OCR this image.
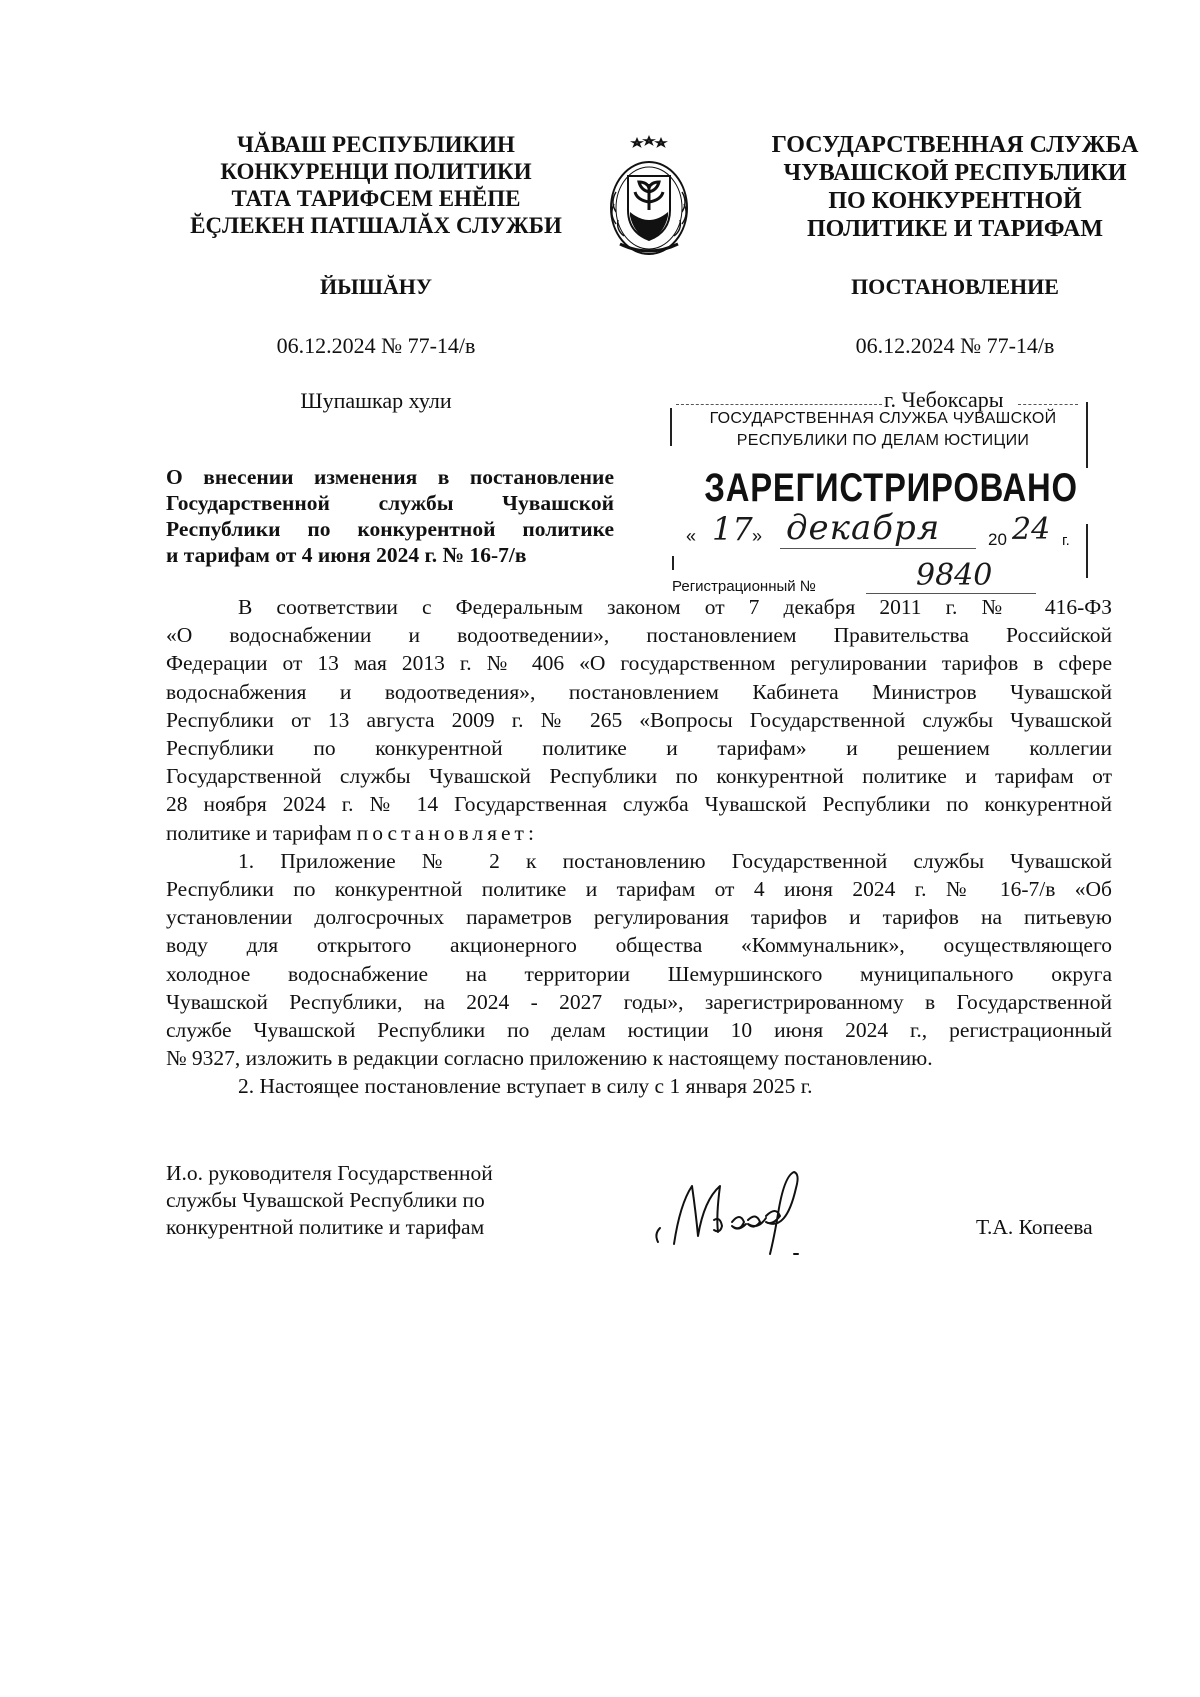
ЧĂВАШ РЕСПУБЛИКИН
КОНКУРЕНЦИ ПОЛИТИКИ
ТАТА ТАРИФСЕМ ЕНĔПЕ
ĔÇЛЕКЕН ПАТШАЛĂХ СЛУЖБИ
ГОСУДАРСТВЕННАЯ СЛУЖБА
ЧУВАШСКОЙ РЕСПУБЛИКИ
ПО КОНКУРЕНТНОЙ
ПОЛИТИКЕ И ТАРИФАМ
ЙЫШĂНУ	ПОСТАНОВЛЕНИЕ
06.12.2024 № 77-14/в	06.12.2024 № 77-14/в
Шупашкар хули	г. Чебоксары
ГОСУДАРСТВЕННАЯ СЛУЖБА ЧУВАШСКОЙ
РЕСПУБЛИКИ ПО ДЕЛАМ ЮСТИЦИИ
ЗАРЕГИСТРИРОВАНО
« 17 » декабря	20 24 г.
Регистрационный №	9840
О внесении изменения в постановление
Государственной службы Чувашской
Республики по конкурентной политике
и тарифам от 4 июня 2024 г. № 16-7/в
В соответствии с Федеральным законом от 7 декабря 2011 г. № 416-ФЗ
«О водоснабжении и водоотведении», постановлением Правительства Российской
Федерации от 13 мая 2013 г. № 406 «О государственном регулировании тарифов в сфере
водоснабжения и водоотведения», постановлением Кабинета Министров Чувашской
Республики от 13 августа 2009 г. № 265 «Вопросы Государственной службы Чувашской
Республики по конкурентной политике и тарифам» и решением коллегии
Государственной службы Чувашской Республики по конкурентной политике и тарифам от
28 ноября 2024 г. № 14 Государственная служба Чувашской Республики по конкурентной
политике и тарифам постановляет:
1. Приложение № 2 к постановлению Государственной службы Чувашской
Республики по конкурентной политике и тарифам от 4 июня 2024 г. № 16-7/в «Об
установлении долгосрочных параметров регулирования тарифов и тарифов на питьевую
воду для открытого акционерного общества «Коммунальник», осуществляющего
холодное водоснабжение на территории Шемуршинского муниципального округа
Чувашской Республики, на 2024 - 2027 годы», зарегистрированному в Государственной
службе Чувашской Республики по делам юстиции 10 июня 2024 г., регистрационный
№ 9327, изложить в редакции согласно приложению к настоящему постановлению.
2. Настоящее постановление вступает в силу с 1 января 2025 г.
И.о. руководителя Государственной
службы Чувашской Республики по
конкурентной политике и тарифам	Т.А. Копеева
